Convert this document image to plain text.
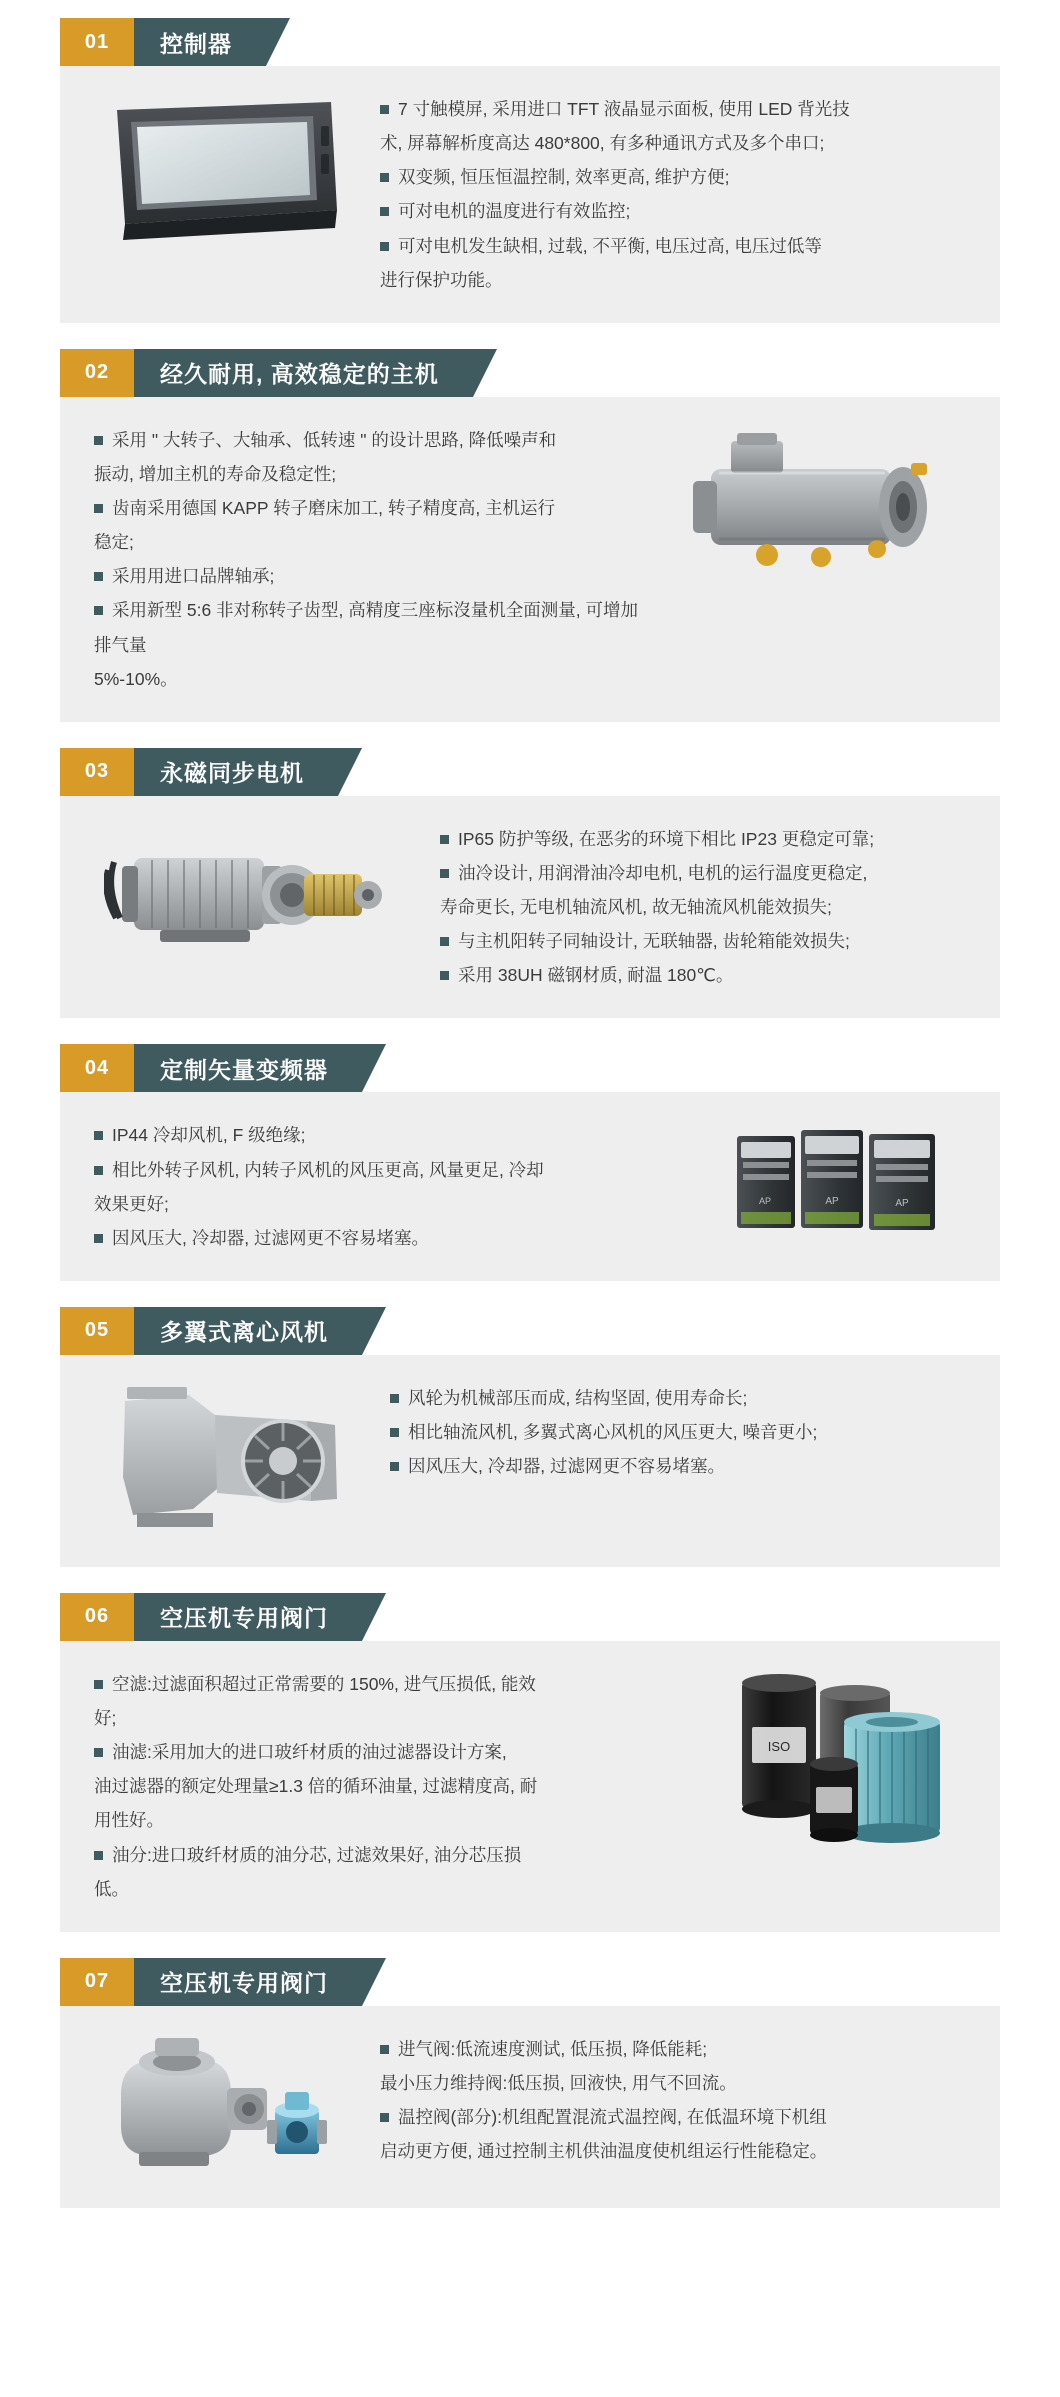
01	控制器

7 寸触模屏, 采用进口 TFT 液晶显示面板, 使用 LED 背光技

术, 屏幕解析度高达 480*800, 有多种通讯方式及多个串口;

双变频, 恒压恒温控制, 效率更高, 维护方便;

可对电机的温度进行有效监控;

可对电机发生缺相, 过载, 不平衡, 电压过高, 电压过低等

进行保护功能。

02	经久耐用, 高效稳定的主机

采用 " 大转子、大轴承、低转速 " 的设计思路, 降低噪声和

振动, 增加主机的寿命及稳定性;

齿南采用德国 KAPP 转子磨床加工, 转子精度高, 主机运行

稳定;

采用用进口品牌轴承;

采用新型 5:6 非对称转子齿型, 高精度三座标沒量机全面测量, 可增加排气量

5%-10%。

03	永磁同步电机

IP65 防护等级, 在恶劣的环境下相比 IP23 更稳定可靠;

油冷设计, 用润滑油冷却电机, 电机的运行温度更稳定,

寿命更长, 无电机轴流风机, 故无轴流风机能效损失;

与主机阳转子同轴设计, 无联轴器, 齿轮箱能效损失;

采用 38UH 磁钢材质, 耐温 180℃。

04	定制矢量变频器

IP44 冷却风机, F 级绝缘;

相比外转子风机, 内转子风机的风压更高, 风量更足, 冷却

效果更好;

因风压大, 冷却器, 过滤网更不容易堵塞。

AP	AP	AP
05	多翼式离心风机

风轮为机械部压而成, 结构坚固, 使用寿命长;

相比轴流风机, 多翼式离心风机的风压更大, 噪音更小;

因风压大, 冷却器, 过滤网更不容易堵塞。

06	空压机专用阀门

空滤:过滤面积超过正常需要的 150%, 进气压损低, 能效

好;

油滤:采用加大的进口玻纤材质的油过滤器设计方案,

油过滤器的额定处理量≥1.3 倍的循环油量, 过滤精度高, 耐

用性好。

油分:进口玻纤材质的油分芯, 过滤效果好, 油分芯压损

低。

ISO
07	空压机专用阀门

进气阀:低流速度测试, 低压损, 降低能耗;

最小压力维持阀:低压损, 回液快, 用气不回流。

温控阀(部分):机组配置混流式温控阀, 在低温环境下机组

启动更方便, 通过控制主机供油温度使机组运行性能稳定。
